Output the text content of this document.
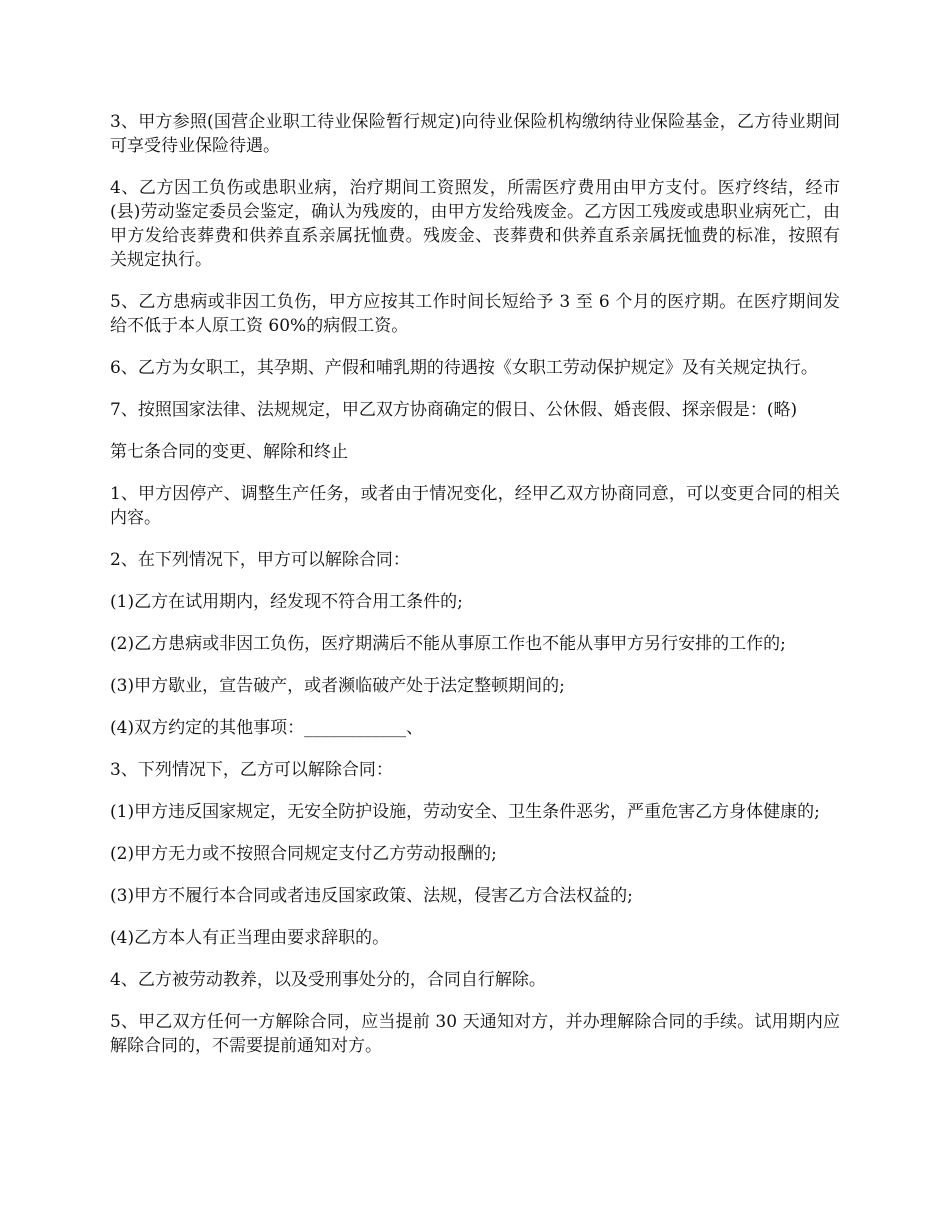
3、甲方参照(国营企业职工待业保险暂行规定)向待业保险机构缴纳待业保险基金，乙方待业期间可享受待业保险待遇。

4、乙方因工负伤或患职业病，治疗期间工资照发，所需医疗费用由甲方支付。医疗终结，经市(县)劳动鉴定委员会鉴定，确认为残废的，由甲方发给残废金。乙方因工残废或患职业病死亡，由甲方发给丧葬费和供养直系亲属抚恤费。残废金、丧葬费和供养直系亲属抚恤费的标准，按照有关规定执行。

5、乙方患病或非因工负伤，甲方应按其工作时间长短给予 3 至 6 个月的医疗期。在医疗期间发给不低于本人原工资 60%的病假工资。

6、乙方为女职工，其孕期、产假和哺乳期的待遇按《女职工劳动保护规定》及有关规定执行。

7、按照国家法律、法规规定，甲乙双方协商确定的假日、公休假、婚丧假、探亲假是：(略)

第七条合同的变更、解除和终止

1、甲方因停产、调整生产任务，或者由于情况变化，经甲乙双方协商同意，可以变更合同的相关内容。

2、在下列情况下，甲方可以解除合同：

(1)乙方在试用期内，经发现不符合用工条件的;

(2)乙方患病或非因工负伤，医疗期满后不能从事原工作也不能从事甲方另行安排的工作的;

(3)甲方歇业，宣告破产，或者濒临破产处于法定整顿期间的;

(4)双方约定的其他事项：____________、

3、下列情况下，乙方可以解除合同：

(1)甲方违反国家规定，无安全防护设施，劳动安全、卫生条件恶劣，严重危害乙方身体健康的;

(2)甲方无力或不按照合同规定支付乙方劳动报酬的;

(3)甲方不履行本合同或者违反国家政策、法规，侵害乙方合法权益的;

(4)乙方本人有正当理由要求辞职的。

4、乙方被劳动教养，以及受刑事处分的，合同自行解除。

5、甲乙双方任何一方解除合同，应当提前 30 天通知对方，并办理解除合同的手续。试用期内应解除合同的，不需要提前通知对方。
